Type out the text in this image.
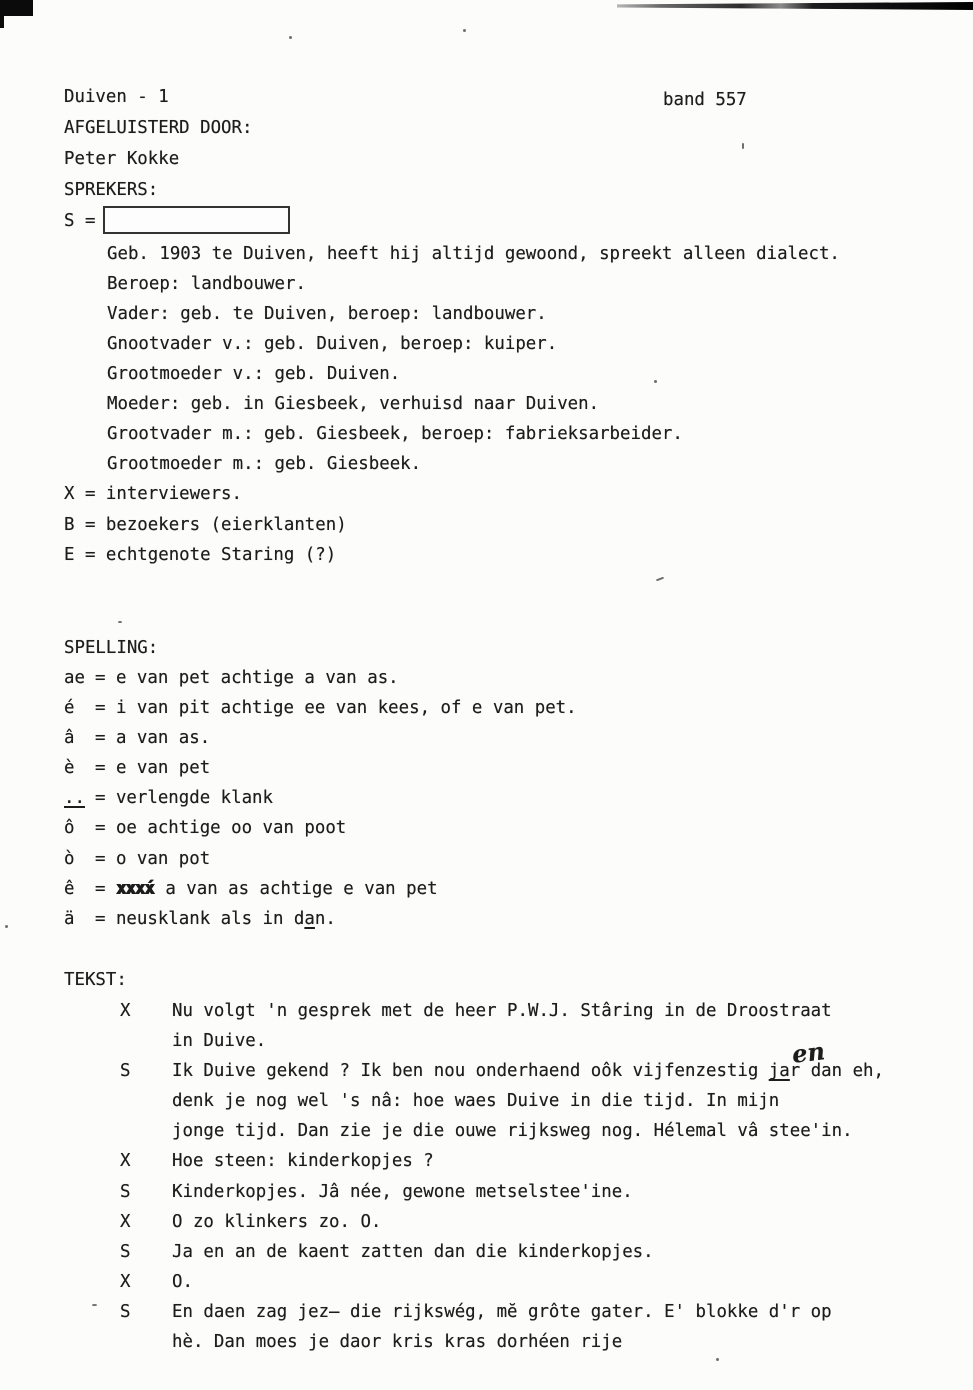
Duiven - 1
AFGELUISTERD DOOR:
Peter Kokke
SPREKERS:
S =
band 557
Geb. 1903 te Duiven, heeft hij altijd gewoond, spreekt alleen dialect.
Beroep: landbouwer.
Vader: geb. te Duiven, beroep: landbouwer.
Gnootvader v.: geb. Duiven, beroep: kuiper.
Grootmoeder v.: geb. Duiven.
Moeder: geb. in Giesbeek, verhuisd naar Duiven.
Grootvader m.: geb. Giesbeek, beroep: fabrieksarbeider.
Grootmoeder m.: geb. Giesbeek.
X = interviewers.
B = bezoekers (eierklanten)
E = echtgenote Staring (?)
SPELLING:
ae = e van pet achtige a van as.
é	= i van pit achtige ee van kees, of e van pet.
â	= a van as.
è	= e van pet
.. = verlengde klank
ô	= oe achtige oo van poot
ò	= o van pot
ê	= xxxx́ a van as achtige e van pet
ä	= neusklank als in dan.
TEKST:
X	Nu volgt 'n gesprek met de heer P.W.J. Stâring in de Droostraat
in Duive.
S	Ik Duive gekend ? Ik ben nou onderhaend oôk vijfenzestig jar dan eh,
denk je nog wel 's nâ: hoe waes Duive in die tijd. In mijn
jonge tijd. Dan zie je die ouwe rijksweg nog. Hélemal vâ stee'in.
X	Hoe steen: kinderkopjes ?
S	Kinderkopjes. Jâ née, gewone metselstee'ine.
X	O zo klinkers zo. O.
S	Ja en an de kaent zatten dan die kinderkopjes.
X	O.
S	En daen zag jez̶ die rijkswég, mĕ grôte gater. E' blokke d'r op
hè. Dan moes je daor kris kras dorhéen rije
en
